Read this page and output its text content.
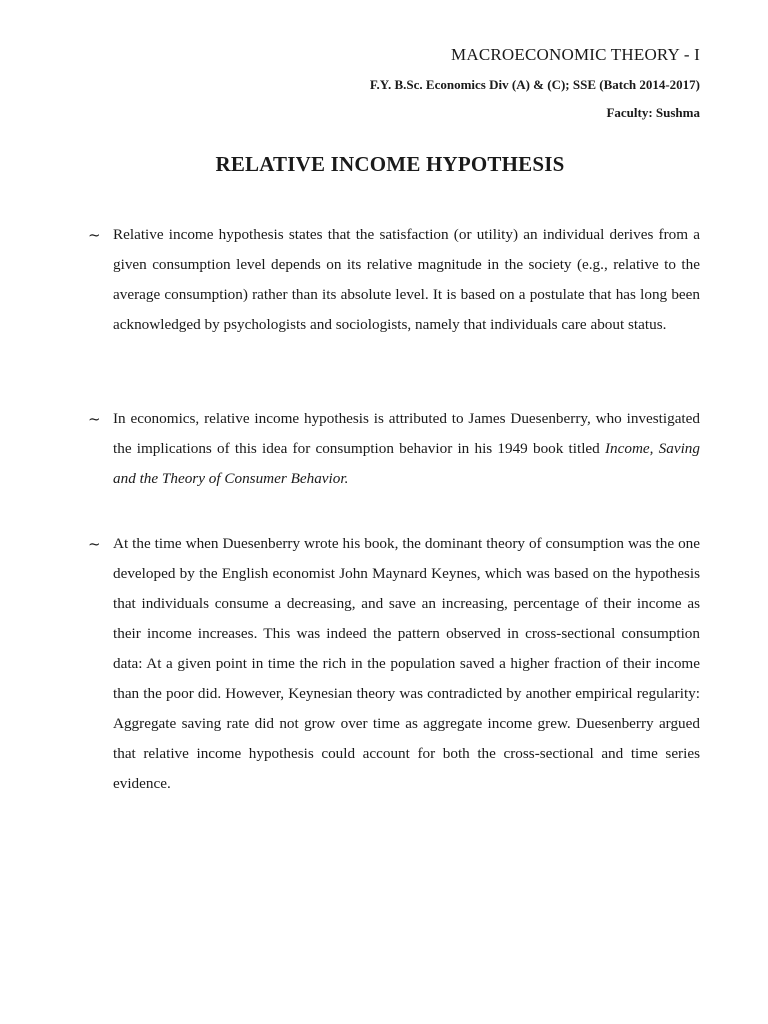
MACROECONOMIC THEORY - I
F.Y. B.Sc. Economics Div (A) & (C); SSE (Batch 2014-2017)
Faculty: Sushma
RELATIVE INCOME HYPOTHESIS
~ Relative income hypothesis states that the satisfaction (or utility) an individual derives from a given consumption level depends on its relative magnitude in the society (e.g., relative to the average consumption) rather than its absolute level. It is based on a postulate that has long been acknowledged by psychologists and sociologists, namely that individuals care about status.

~ In economics, relative income hypothesis is attributed to James Duesenberry, who investigated the implications of this idea for consumption behavior in his 1949 book titled Income, Saving and the Theory of Consumer Behavior.

~ At the time when Duesenberry wrote his book, the dominant theory of consumption was the one developed by the English economist John Maynard Keynes, which was based on the hypothesis that individuals consume a decreasing, and save an increasing, percentage of their income as their income increases. This was indeed the pattern observed in cross-sectional consumption data: At a given point in time the rich in the population saved a higher fraction of their income than the poor did. However, Keynesian theory was contradicted by another empirical regularity: Aggregate saving rate did not grow over time as aggregate income grew. Duesenberry argued that relative income hypothesis could account for both the cross-sectional and time series evidence.
